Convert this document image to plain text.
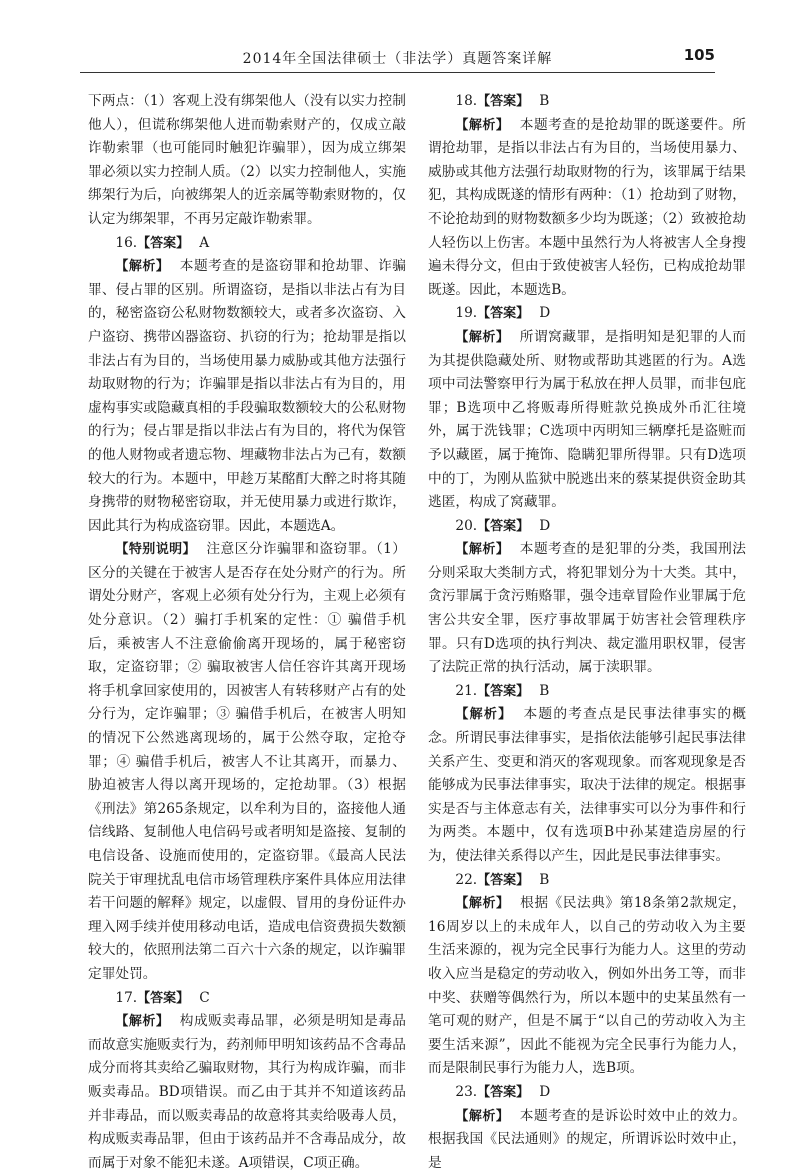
2014年全国法律硕士（非法学）真题答案详解	105

下两点：（1）客观上没有绑架他人（没有以实力控制他人），但谎称绑架他人进而勒索财产的，仅成立敲诈勒索罪（也可能同时触犯诈骗罪），因为成立绑架罪必须以实力控制人质。（2）以实力控制他人，实施绑架行为后，向被绑架人的近亲属等勒索财物的，仅认定为绑架罪，不再另定敲诈勒索罪。

16.【答案】 A

【解析】 本题考查的是盗窃罪和抢劫罪、诈骗罪、侵占罪的区别。所谓盗窃，是指以非法占有为目的，秘密盗窃公私财物数额较大，或者多次盗窃、入户盗窃、携带凶器盗窃、扒窃的行为；抢劫罪是指以非法占有为目的，当场使用暴力威胁或其他方法强行劫取财物的行为；诈骗罪是指以非法占有为目的，用虚构事实或隐藏真相的手段骗取数额较大的公私财物的行为；侵占罪是指以非法占有为目的，将代为保管的他人财物或者遗忘物、埋藏物非法占为己有，数额较大的行为。本题中，甲趁万某酩酊大醉之时将其随身携带的财物秘密窃取，并无使用暴力或进行欺诈，因此其行为构成盗窃罪。因此，本题选A。

【特别说明】 注意区分诈骗罪和盗窃罪。（1）区分的关键在于被害人是否存在处分财产的行为。所谓处分财产，客观上必须有处分行为，主观上必须有处分意识。（2）骗打手机案的定性：① 骗借手机后，乘被害人不注意偷偷离开现场的，属于秘密窃取，定盗窃罪；② 骗取被害人信任容许其离开现场将手机拿回家使用的，因被害人有转移财产占有的处分行为，定诈骗罪；③ 骗借手机后，在被害人明知的情况下公然逃离现场的，属于公然夺取，定抢夺罪；④ 骗借手机后，被害人不让其离开，而暴力、胁迫被害人得以离开现场的，定抢劫罪。（3）根据《刑法》第265条规定，以牟利为目的，盗接他人通信线路、复制他人电信码号或者明知是盗接、复制的电信设备、设施而使用的，定盗窃罪。《最高人民法院关于审理扰乱电信市场管理秩序案件具体应用法律若干问题的解释》规定，以虚假、冒用的身份证件办理入网手续并使用移动电话，造成电信资费损失数额较大的，依照刑法第二百六十六条的规定，以诈骗罪定罪处罚。

17.【答案】 C

【解析】 构成贩卖毒品罪，必须是明知是毒品而故意实施贩卖行为，药剂师甲明知该药品不含毒品成分而将其卖给乙骗取财物，其行为构成诈骗，而非贩卖毒品。BD项错误。而乙由于其并不知道该药品并非毒品，而以贩卖毒品的故意将其卖给吸毒人员，构成贩卖毒品罪，但由于该药品并不含毒品成分，故而属于对象不能犯未遂。A项错误，C项正确。

18.【答案】 B

【解析】 本题考查的是抢劫罪的既遂要件。所谓抢劫罪，是指以非法占有为目的，当场使用暴力、威胁或其他方法强行劫取财物的行为，该罪属于结果犯，其构成既遂的情形有两种：（1）抢劫到了财物，不论抢劫到的财物数额多少均为既遂；（2）致被抢劫人轻伤以上伤害。本题中虽然行为人将被害人全身搜遍未得分文，但由于致使被害人轻伤，已构成抢劫罪既遂。因此，本题选B。

19.【答案】 D

【解析】 所谓窝藏罪，是指明知是犯罪的人而为其提供隐藏处所、财物或帮助其逃匿的行为。A选项中司法警察甲行为属于私放在押人员罪，而非包庇罪；B选项中乙将贩毒所得赃款兑换成外币汇往境外，属于洗钱罪；C选项中丙明知三辆摩托是盗赃而予以藏匿，属于掩饰、隐瞒犯罪所得罪。只有D选项中的丁，为刚从监狱中脱逃出来的蔡某提供资金助其逃匿，构成了窝藏罪。

20.【答案】 D

【解析】 本题考查的是犯罪的分类，我国刑法分则采取大类制方式，将犯罪划分为十大类。其中，贪污罪属于贪污贿赂罪，强令违章冒险作业罪属于危害公共安全罪，医疗事故罪属于妨害社会管理秩序罪。只有D选项的执行判决、裁定滥用职权罪，侵害了法院正常的执行活动，属于渎职罪。

21.【答案】 B

【解析】 本题的考查点是民事法律事实的概念。所谓民事法律事实，是指依法能够引起民事法律关系产生、变更和消灭的客观现象。而客观现象是否能够成为民事法律事实，取决于法律的规定。根据事实是否与主体意志有关，法律事实可以分为事件和行为两类。本题中，仅有选项B中孙某建造房屋的行为，使法律关系得以产生，因此是民事法律事实。

22.【答案】 B

【解析】 根据《民法典》第18条第2款规定，16周岁以上的未成年人，以自己的劳动收入为主要生活来源的，视为完全民事行为能力人。这里的劳动收入应当是稳定的劳动收入，例如外出务工等，而非中奖、获赠等偶然行为，所以本题中的史某虽然有一笔可观的财产，但是不属于“以自己的劳动收入为主要生活来源”，因此不能视为完全民事行为能力人，而是限制民事行为能力人，选B项。

23.【答案】 D

【解析】 本题考查的是诉讼时效中止的效力。根据我国《民法通则》的规定，所谓诉讼时效中止，是
